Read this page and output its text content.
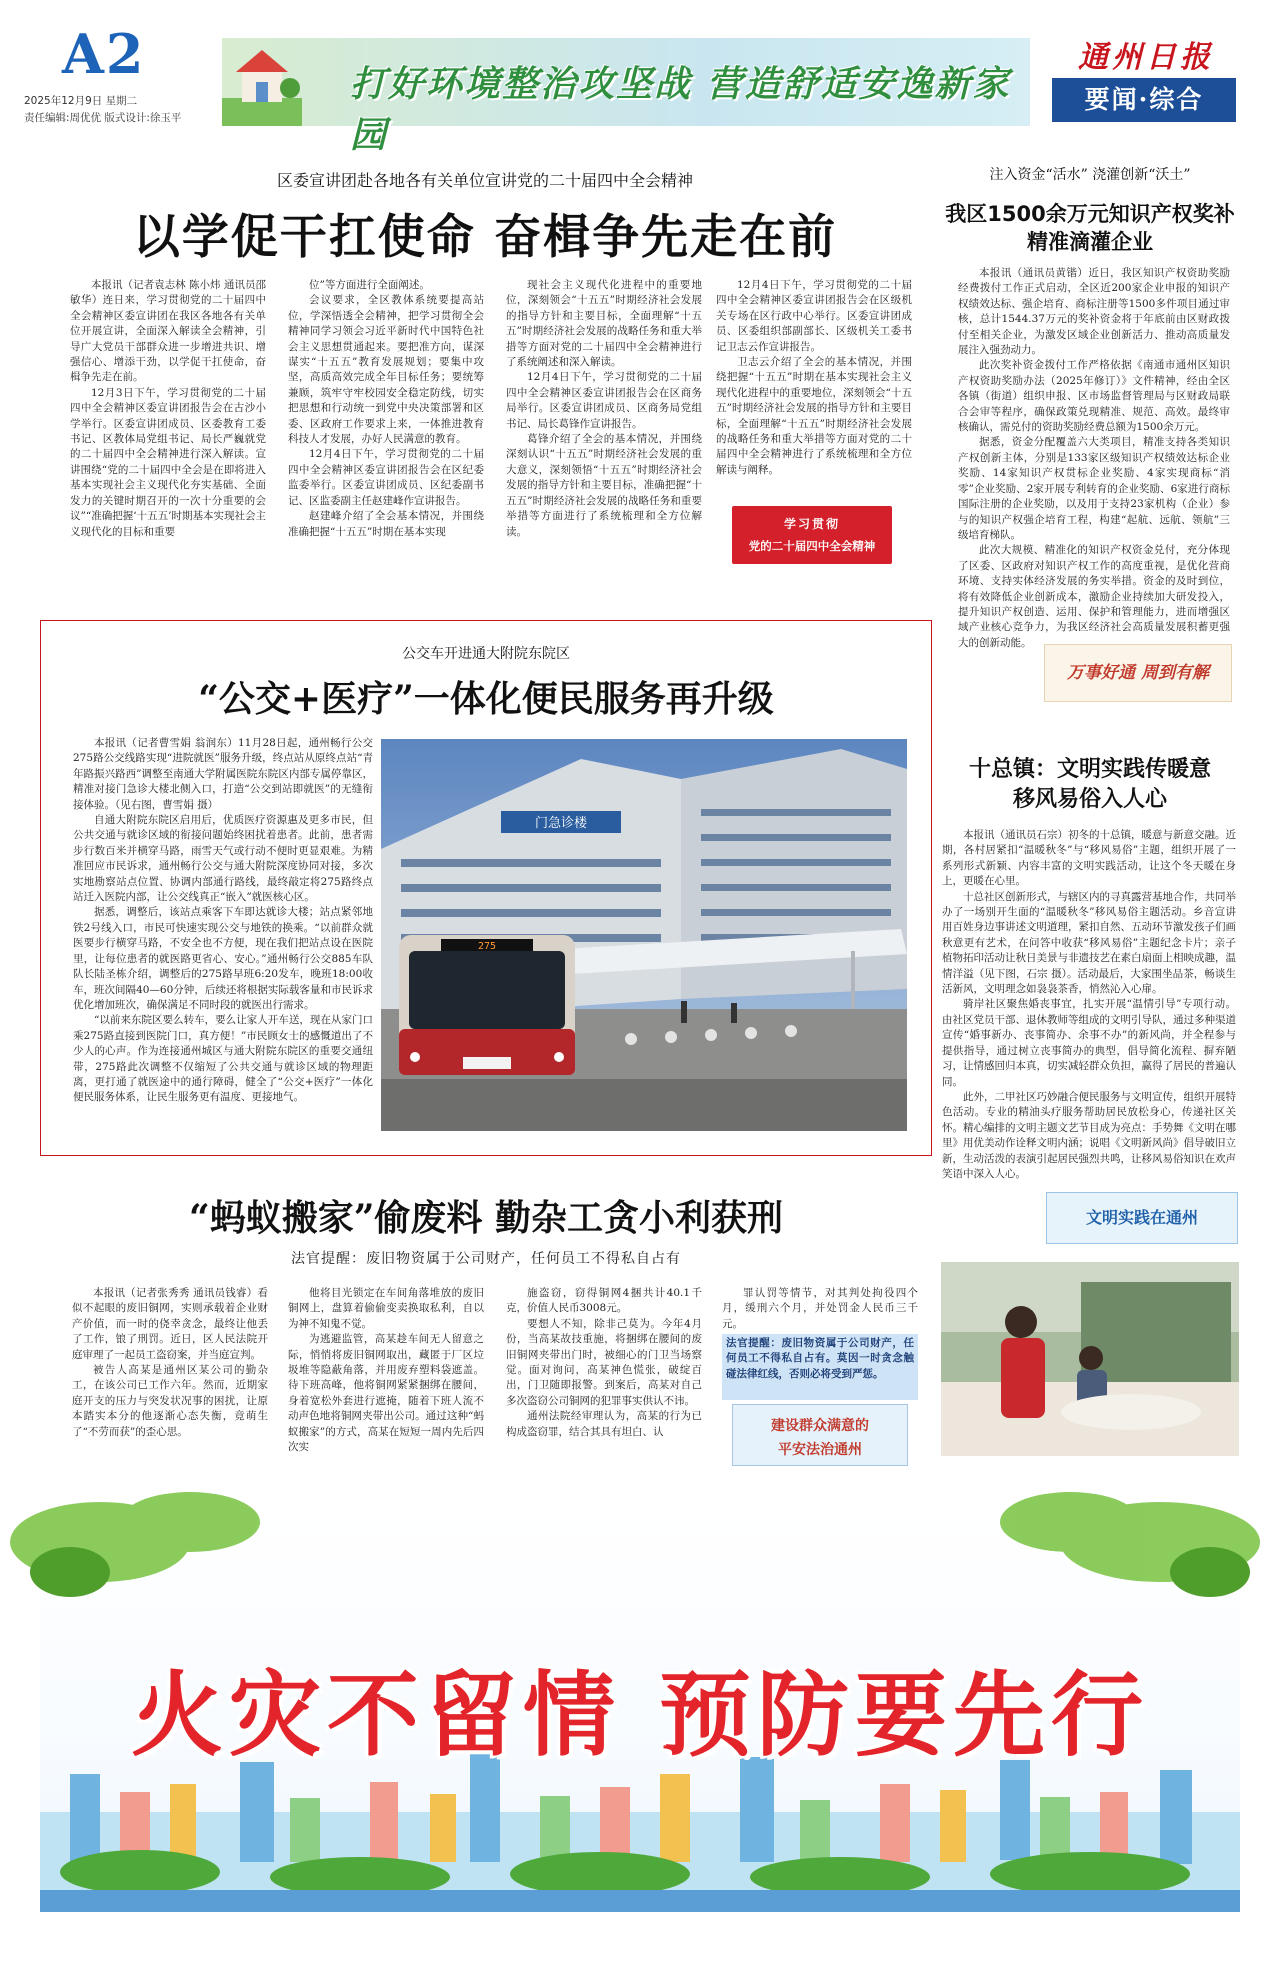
A2
2025年12月9日 星期二
责任编辑:周优优 版式设计:徐玉平
打好环境整治攻坚战 营造舒适安逸新家园
通州日报
要闻·综合
区委宣讲团赴各地各有关单位宣讲党的二十届四中全会精神
以学促干扛使命 奋楫争先走在前

本报讯（记者袁志林 陈小炜 通讯员邵敏华）连日来，学习贯彻党的二十届四中全会精神区委宣讲团在我区各地各有关单位开展宣讲，全面深入解读全会精神，引导广大党员干部群众进一步增进共识、增强信心、增添干劲，以学促干扛使命，奋楫争先走在前。

12月3日下午，学习贯彻党的二十届四中全会精神区委宣讲团报告会在古沙小学举行。区委宣讲团成员、区委教育工委书记、区教体局党组书记、局长严巍就党的二十届四中全会精神进行深入解读。宣讲围绕“党的二十届四中全会是在即将进入基本实现社会主义现代化夯实基础、全面发力的关键时期召开的一次十分重要的会议”“准确把握‘十五五’时期基本实现社会主义现代化的目标和重要

位”等方面进行全面阐述。

会议要求，全区教体系统要提高站位，学深悟透全会精神，把学习贯彻全会精神同学习领会习近平新时代中国特色社会主义思想贯通起来。要把准方向，谋深谋实“十五五”教育发展规划；要集中攻坚，高质高效完成全年目标任务；要统筹兼顾，筑牢守牢校园安全稳定防线，切实把思想和行动统一到党中央决策部署和区委、区政府工作要求上来，一体推进教育科技人才发展，办好人民满意的教育。

12月4日下午，学习贯彻党的二十届四中全会精神区委宣讲团报告会在区纪委监委举行。区委宣讲团成员、区纪委副书记、区监委副主任赵建峰作宣讲报告。

赵建峰介绍了全会基本情况，并围绕准确把握“十五五”时期在基本实现

现社会主义现代化进程中的重要地位，深刻领会“十五五”时期经济社会发展的指导方针和主要目标，全面理解“十五五”时期经济社会发展的战略任务和重大举措等方面对党的二十届四中全会精神进行了系统阐述和深入解读。

12月4日下午，学习贯彻党的二十届四中全会精神区委宣讲团报告会在区商务局举行。区委宣讲团成员、区商务局党组书记、局长葛锋作宣讲报告。

葛锋介绍了全会的基本情况，并围绕深刻认识“十五五”时期经济社会发展的重大意义，深刻领悟“十五五”时期经济社会发展的指导方针和主要目标，准确把握“十五五”时期经济社会发展的战略任务和重要举措等方面进行了系统梳理和全方位解读。

12月4日下午，学习贯彻党的二十届四中全会精神区委宣讲团报告会在区级机关专场在区行政中心举行。区委宣讲团成员、区委组织部副部长、区级机关工委书记卫志云作宣讲报告。

卫志云介绍了全会的基本情况，并围绕把握“十五五”时期在基本实现社会主义现代化进程中的重要地位，深刻领会“十五五”时期经济社会发展的指导方针和主要目标，全面理解“十五五”时期经济社会发展的战略任务和重大举措等方面对党的二十届四中全会精神进行了系统梳理和全方位解读与阐释。

学习贯彻
党的二十届四中全会精神
注入资金“活水” 浇灌创新“沃土”
我区1500余万元知识产权奖补
精准滴灌企业

本报讯（通讯员黄锴）近日，我区知识产权资助奖励经费拨付工作正式启动，全区近200家企业申报的知识产权绩效达标、强企培育、商标注册等1500多件项目通过审核，总计1544.37万元的奖补资金将于年底前由区财政拨付至相关企业，为激发区域企业创新活力、推动高质量发展注入强劲动力。

此次奖补资金拨付工作严格依据《南通市通州区知识产权资助奖励办法（2025年修订）》文件精神，经由全区各镇（街道）组织申报、区市场监督管理局与区财政局联合会审等程序，确保政策兑现精准、规范、高效。最终审核确认，需兑付的资助奖励经费总额为1500余万元。

据悉，资金分配覆盖六大类项目，精准支持各类知识产权创新主体，分别是133家区级知识产权绩效达标企业奖励、14家知识产权贯标企业奖励、4家实现商标“消零”企业奖励、2家开展专利转育的企业奖励、6家进行商标国际注册的企业奖励，以及用于支持23家机构（企业）参与的知识产权强企培育工程，构建“起航、远航、领航”三级培育梯队。

此次大规模、精准化的知识产权资金兑付，充分体现了区委、区政府对知识产权工作的高度重视，是优化营商环境、支持实体经济发展的务实举措。资金的及时到位，将有效降低企业创新成本，激励企业持续加大研发投入，提升知识产权创造、运用、保护和管理能力，进而增强区域产业核心竞争力，为我区经济社会高质量发展积蓄更强大的创新动能。

万事好通 周到有解
公交车开进通大附院东院区
“公交+医疗”一体化便民服务再升级

本报讯（记者曹雪娟 翁润东）11月28日起，通州畅行公交275路公交线路实现“进院就医”服务升级，终点站从原终点站“青年路振兴路西”调整至南通大学附属医院东院区内部专属停靠区，精准对接门急诊大楼北侧入口，打造“公交到站即就医”的无缝衔接体验。（见右图，曹雪娟 摄）

自通大附院东院区启用后，优质医疗资源惠及更多市民，但公共交通与就诊区域的衔接问题始终困扰着患者。此前，患者需步行数百米并横穿马路，雨雪天气或行动不便时更显艰难。为精准回应市民诉求，通州畅行公交与通大附院深度协同对接，多次实地勘察站点位置、协调内部通行路线，最终敲定将275路终点站迁入医院内部，让公交线真正“嵌入”就医核心区。

据悉，调整后，该站点乘客下车即达就诊大楼；站点紧邻地铁2号线入口，市民可快速实现公交与地铁的换乘。“以前群众就医要步行横穿马路，不安全也不方便，现在我们把站点设在医院里，让每位患者的就医路更省心、安心。”通州畅行公交885车队队长陆圣栋介绍，调整后的275路早班6:20发车，晚班18:00收车，班次间隔40—60分钟，后续还将根据实际载客量和市民诉求优化增加班次，确保满足不同时段的就医出行需求。

“以前来东院区要么转车，要么让家人开车送，现在从家门口乘275路直接到医院门口，真方便！”市民顾女士的感慨道出了不少人的心声。作为连接通州城区与通大附院东院区的重要交通纽带，275路此次调整不仅缩短了公共交通与就诊区域的物理距离，更打通了就医途中的通行障碍，健全了“公交+医疗”一体化便民服务体系，让民生服务更有温度、更接地气。

门急诊楼
275
十总镇：文明实践传暖意
移风易俗入人心

本报讯（通讯员石宗）初冬的十总镇，暖意与新意交融。近期，各村居紧扣“温暖秋冬”与“移风易俗”主题，组织开展了一系列形式新颖、内容丰富的文明实践活动，让这个冬天暖在身上，更暖在心里。

十总社区创新形式，与辖区内的寻真露营基地合作，共同举办了一场别开生面的“温暖秋冬”移风易俗主题活动。乡音宣讲用百姓身边事讲述文明道理，紧扣自然、五动环节激发孩子们画秋意更有艺术，在问答中收获“移风易俗”主题纪念卡片；亲子植物拓印活动让秋日美景与非遗技艺在素白扇面上相映成趣，温情洋溢（见下图，石宗 摄）。活动最后，大家围坐品茶，畅谈生活新风，文明理念如袅袅茶香，悄然沁入心扉。

骑岸社区聚焦婚丧事宜，扎实开展“温情引导”专项行动。由社区党员干部、退休教师等组成的文明引导队，通过多种渠道宣传“婚事新办、丧事简办、余事不办”的新风尚，并全程参与提供指导，通过树立丧事简办的典型，倡导简化流程、摒弃陋习，让情感回归本真，切实减轻群众负担，赢得了居民的普遍认同。

此外，二甲社区巧妙融合便民服务与文明宣传，组织开展特色活动。专业的精油头疗服务帮助居民放松身心，传递社区关怀。精心编排的文明主题文艺节目成为亮点：手势舞《文明在哪里》用优美动作诠释文明内涵；说唱《文明新风尚》倡导破旧立新，生动活泼的表演引起居民强烈共鸣，让移风易俗知识在欢声笑语中深入人心。

文明实践在通州
“蚂蚁搬家”偷废料 勤杂工贪小利获刑
法官提醒：废旧物资属于公司财产，任何员工不得私自占有

本报讯（记者张秀秀 通讯员钱睿）看似不起眼的废旧铜网，实则承载着企业财产价值，而一时的侥幸贪念，最终让他丢了工作，锒了刑罚。近日，区人民法院开庭审理了一起员工盗窃案，并当庭宣判。

被告人高某是通州区某公司的勤杂工，在该公司已工作六年。然而，近期家庭开支的压力与突发状况事的困扰，让原本踏实本分的他逐渐心态失衡，竟萌生了“不劳而获”的歪心思。

他将目光锁定在车间角落堆放的废旧铜网上，盘算着偷偷变卖换取私利，自以为神不知鬼不觉。

为逃避监管，高某趁车间无人留意之际，悄悄将废旧铜网取出，藏匿于厂区垃圾堆等隐蔽角落，并用废弃塑料袋遮盖。待下班高峰，他将铜网紧紧捆绑在腰间，身着宽松外套进行遮掩，随着下班人流不动声色地将铜网夹带出公司。通过这种“蚂蚁搬家”的方式，高某在短短一周内先后四次实

施盗窃，窃得铜网4捆共计40.1千克，价值人民币3008元。

要想人不知，除非己莫为。今年4月份，当高某故技重施，将捆绑在腰间的废旧铜网夹带出门时，被细心的门卫当场察觉。面对询问，高某神色慌张，破绽百出，门卫随即报警。到案后，高某对自己多次盗窃公司铜网的犯罪事实供认不讳。

通州法院经审理认为，高某的行为已构成盗窃罪，结合其具有坦白、认

罪认罚等情节，对其判处拘役四个月，缓刑六个月，并处罚金人民币三千元。

法官提醒：废旧物资属于公司财产，任何员工不得私自占有。莫因一时贪念触碰法律红线，否则必将受到严惩。
建设群众满意的
平安法治通州
火灾不留情 预防要先行
